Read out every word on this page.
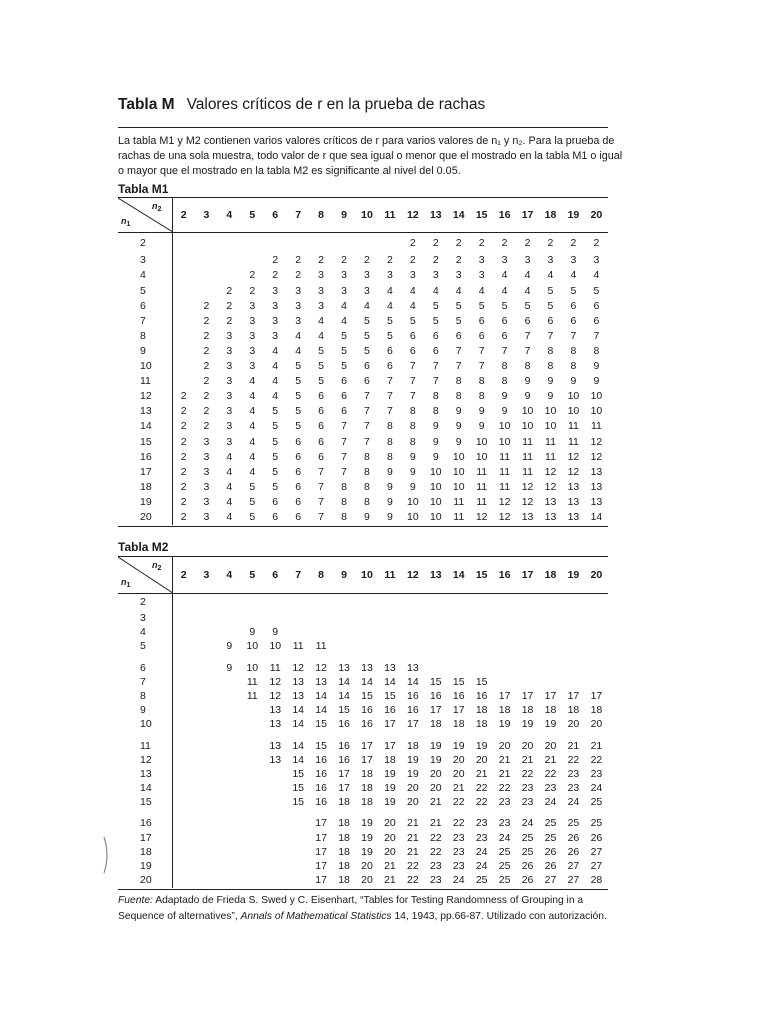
Tabla M Valores críticos de r en la prueba de rachas
La tabla M1 y M2 contienen varios valores críticos de r para varios valores de n₁ y n₂. Para la prueba de
rachas de una sola muestra, todo valor de r que sea igual o menor que el mostrado en la tabla M1 o igual
o mayor que el mostrado en la tabla M2 es significante al nivel del 0.05.
Tabla M1
$n_2$
$n_1$	2	3	4	5	6	7	8	9	10	11	12	13	14	15	16	17	18	19	20
2											2	2	2	2	2	2	2	2	2
3					2	2	2	2	2	2	2	2	2	3	3	3	3	3	3
4				2	2	2	3	3	3	3	3	3	3	3	4	4	4	4	4
5			2	2	3	3	3	3	3	4	4	4	4	4	4	4	5	5	5
6		2	2	3	3	3	3	4	4	4	4	5	5	5	5	5	5	6	6
7		2	2	3	3	3	4	4	5	5	5	5	5	6	6	6	6	6	6
8		2	3	3	3	4	4	5	5	5	6	6	6	6	6	7	7	7	7
9		2	3	3	4	4	5	5	5	6	6	6	7	7	7	7	8	8	8
10		2	3	3	4	5	5	5	6	6	7	7	7	7	8	8	8	8	9
11		2	3	4	4	5	5	6	6	7	7	7	8	8	8	9	9	9	9
12	2	2	3	4	4	5	6	6	7	7	7	8	8	8	9	9	9	10	10
13	2	2	3	4	5	5	6	6	7	7	8	8	9	9	9	10	10	10	10
14	2	2	3	4	5	5	6	7	7	8	8	9	9	9	10	10	10	11	11
15	2	3	3	4	5	6	6	7	7	8	8	9	9	10	10	11	11	11	12
16	2	3	4	4	5	6	6	7	8	8	9	9	10	10	11	11	11	12	12
17	2	3	4	4	5	6	7	7	8	9	9	10	10	11	11	11	12	12	13
18	2	3	4	5	5	6	7	8	8	9	9	10	10	11	11	12	12	13	13
19	2	3	4	5	6	6	7	8	8	9	10	10	11	11	12	12	13	13	13
20	2	3	4	5	6	6	7	8	9	9	10	10	11	12	12	13	13	13	14
Tabla M2
$n_2$
$n_1$	2	3	4	5	6	7	8	9	10	11	12	13	14	15	16	17	18	19	20
2																			
3																			
4				9	9														
5			9	10	10	11	11												
6			9	10	11	12	12	13	13	13	13								
7				11	12	13	13	14	14	14	14	15	15	15					
8				11	12	13	14	14	15	15	16	16	16	16	17	17	17	17	17
9					13	14	14	15	16	16	16	17	17	18	18	18	18	18	18
10					13	14	15	16	16	17	17	18	18	18	19	19	19	20	20
11					13	14	15	16	17	17	18	19	19	19	20	20	20	21	21
12					13	14	16	16	17	18	19	19	20	20	21	21	21	22	22
13						15	16	17	18	19	19	20	20	21	21	22	22	23	23
14						15	16	17	18	19	20	20	21	22	22	23	23	23	24
15						15	16	18	18	19	20	21	22	22	23	23	24	24	25
16							17	18	19	20	21	21	22	23	23	24	25	25	25
17							17	18	19	20	21	22	23	23	24	25	25	26	26
18							17	18	19	20	21	22	23	24	25	25	26	26	27
19							17	18	20	21	22	23	23	24	25	26	26	27	27
20							17	18	20	21	22	23	24	25	25	26	27	27	28
Fuente: Adaptado de Frieda S. Swed y C. Eisenhart, “Tables for Testing Randomness of Grouping in a
Sequence of alternatives”, Annals of Mathematical Statistics 14, 1943, pp.66-87. Utilizado con autorización.
